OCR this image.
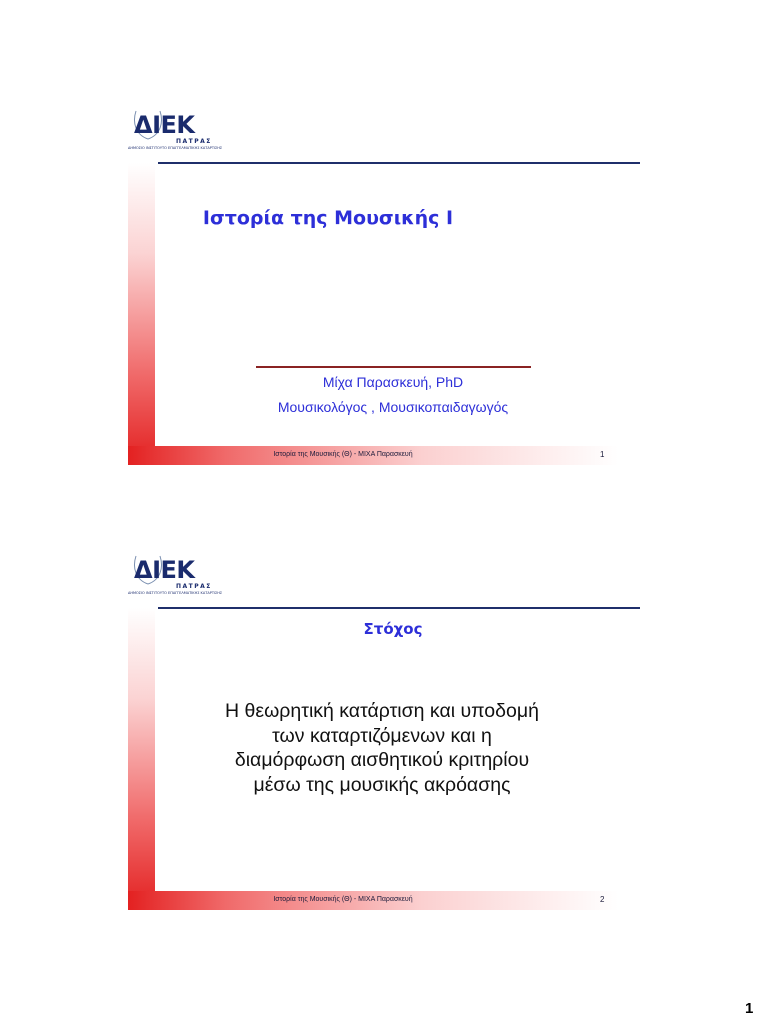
ΔΙΕΚ
ΠΑΤΡΑΣ
ΔΗΜΟΣΙΟ ΙΝΣΤΙΤΟΥΤΟ ΕΠΑΓΓΕΛΜΑΤΙΚΗΣ ΚΑΤΑΡΤΙΣΗΣ
Ιστορία της Μουσικής Ι
Μίχα Παρασκευή, PhD
Μουσικολόγος , Μουσικοπαιδαγωγός
Ιστορία της Μουσικής (Θ) - ΜΙΧΑ Παρασκευή	1
ΔΙΕΚ
ΠΑΤΡΑΣ
ΔΗΜΟΣΙΟ ΙΝΣΤΙΤΟΥΤΟ ΕΠΑΓΓΕΛΜΑΤΙΚΗΣ ΚΑΤΑΡΤΙΣΗΣ
Στόχος
Η θεωρητική κατάρτιση και υποδομή
των καταρτιζόμενων και η
διαμόρφωση αισθητικού κριτηρίου
μέσω της μουσικής ακρόασης
Ιστορία της Μουσικής (Θ) - ΜΙΧΑ Παρασκευή	2
1
